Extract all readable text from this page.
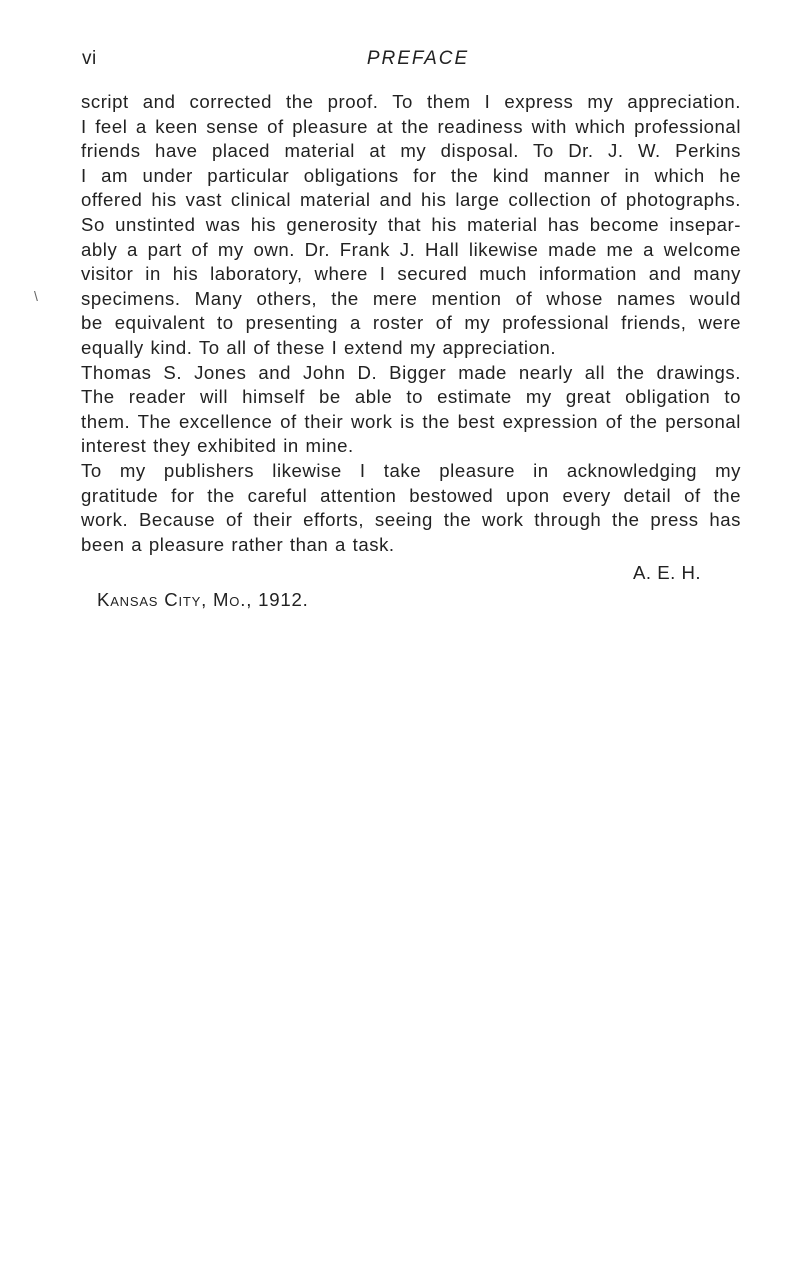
vi	PREFACE
\
script and corrected the proof. To them I express my appreciation.
I feel a keen sense of pleasure at the readiness with which professional
friends have placed material at my disposal. To Dr. J. W. Perkins
I am under particular obligations for the kind manner in which he
offered his vast clinical material and his large collection of photographs.
So unstinted was his generosity that his material has become insepar-
ably a part of my own. Dr. Frank J. Hall likewise made me a welcome
visitor in his laboratory, where I secured much information and many
specimens. Many others, the mere mention of whose names would
be equivalent to presenting a roster of my professional friends, were
equally kind. To all of these I extend my appreciation.
Thomas S. Jones and John D. Bigger made nearly all the drawings.
The reader will himself be able to estimate my great obligation to
them. The excellence of their work is the best expression of the personal
interest they exhibited in mine.
To my publishers likewise I take pleasure in acknowledging my
gratitude for the careful attention bestowed upon every detail of the
work. Because of their efforts, seeing the work through the press has
been a pleasure rather than a task.
A. E. H.
Kansas City, Mo., 1912.
